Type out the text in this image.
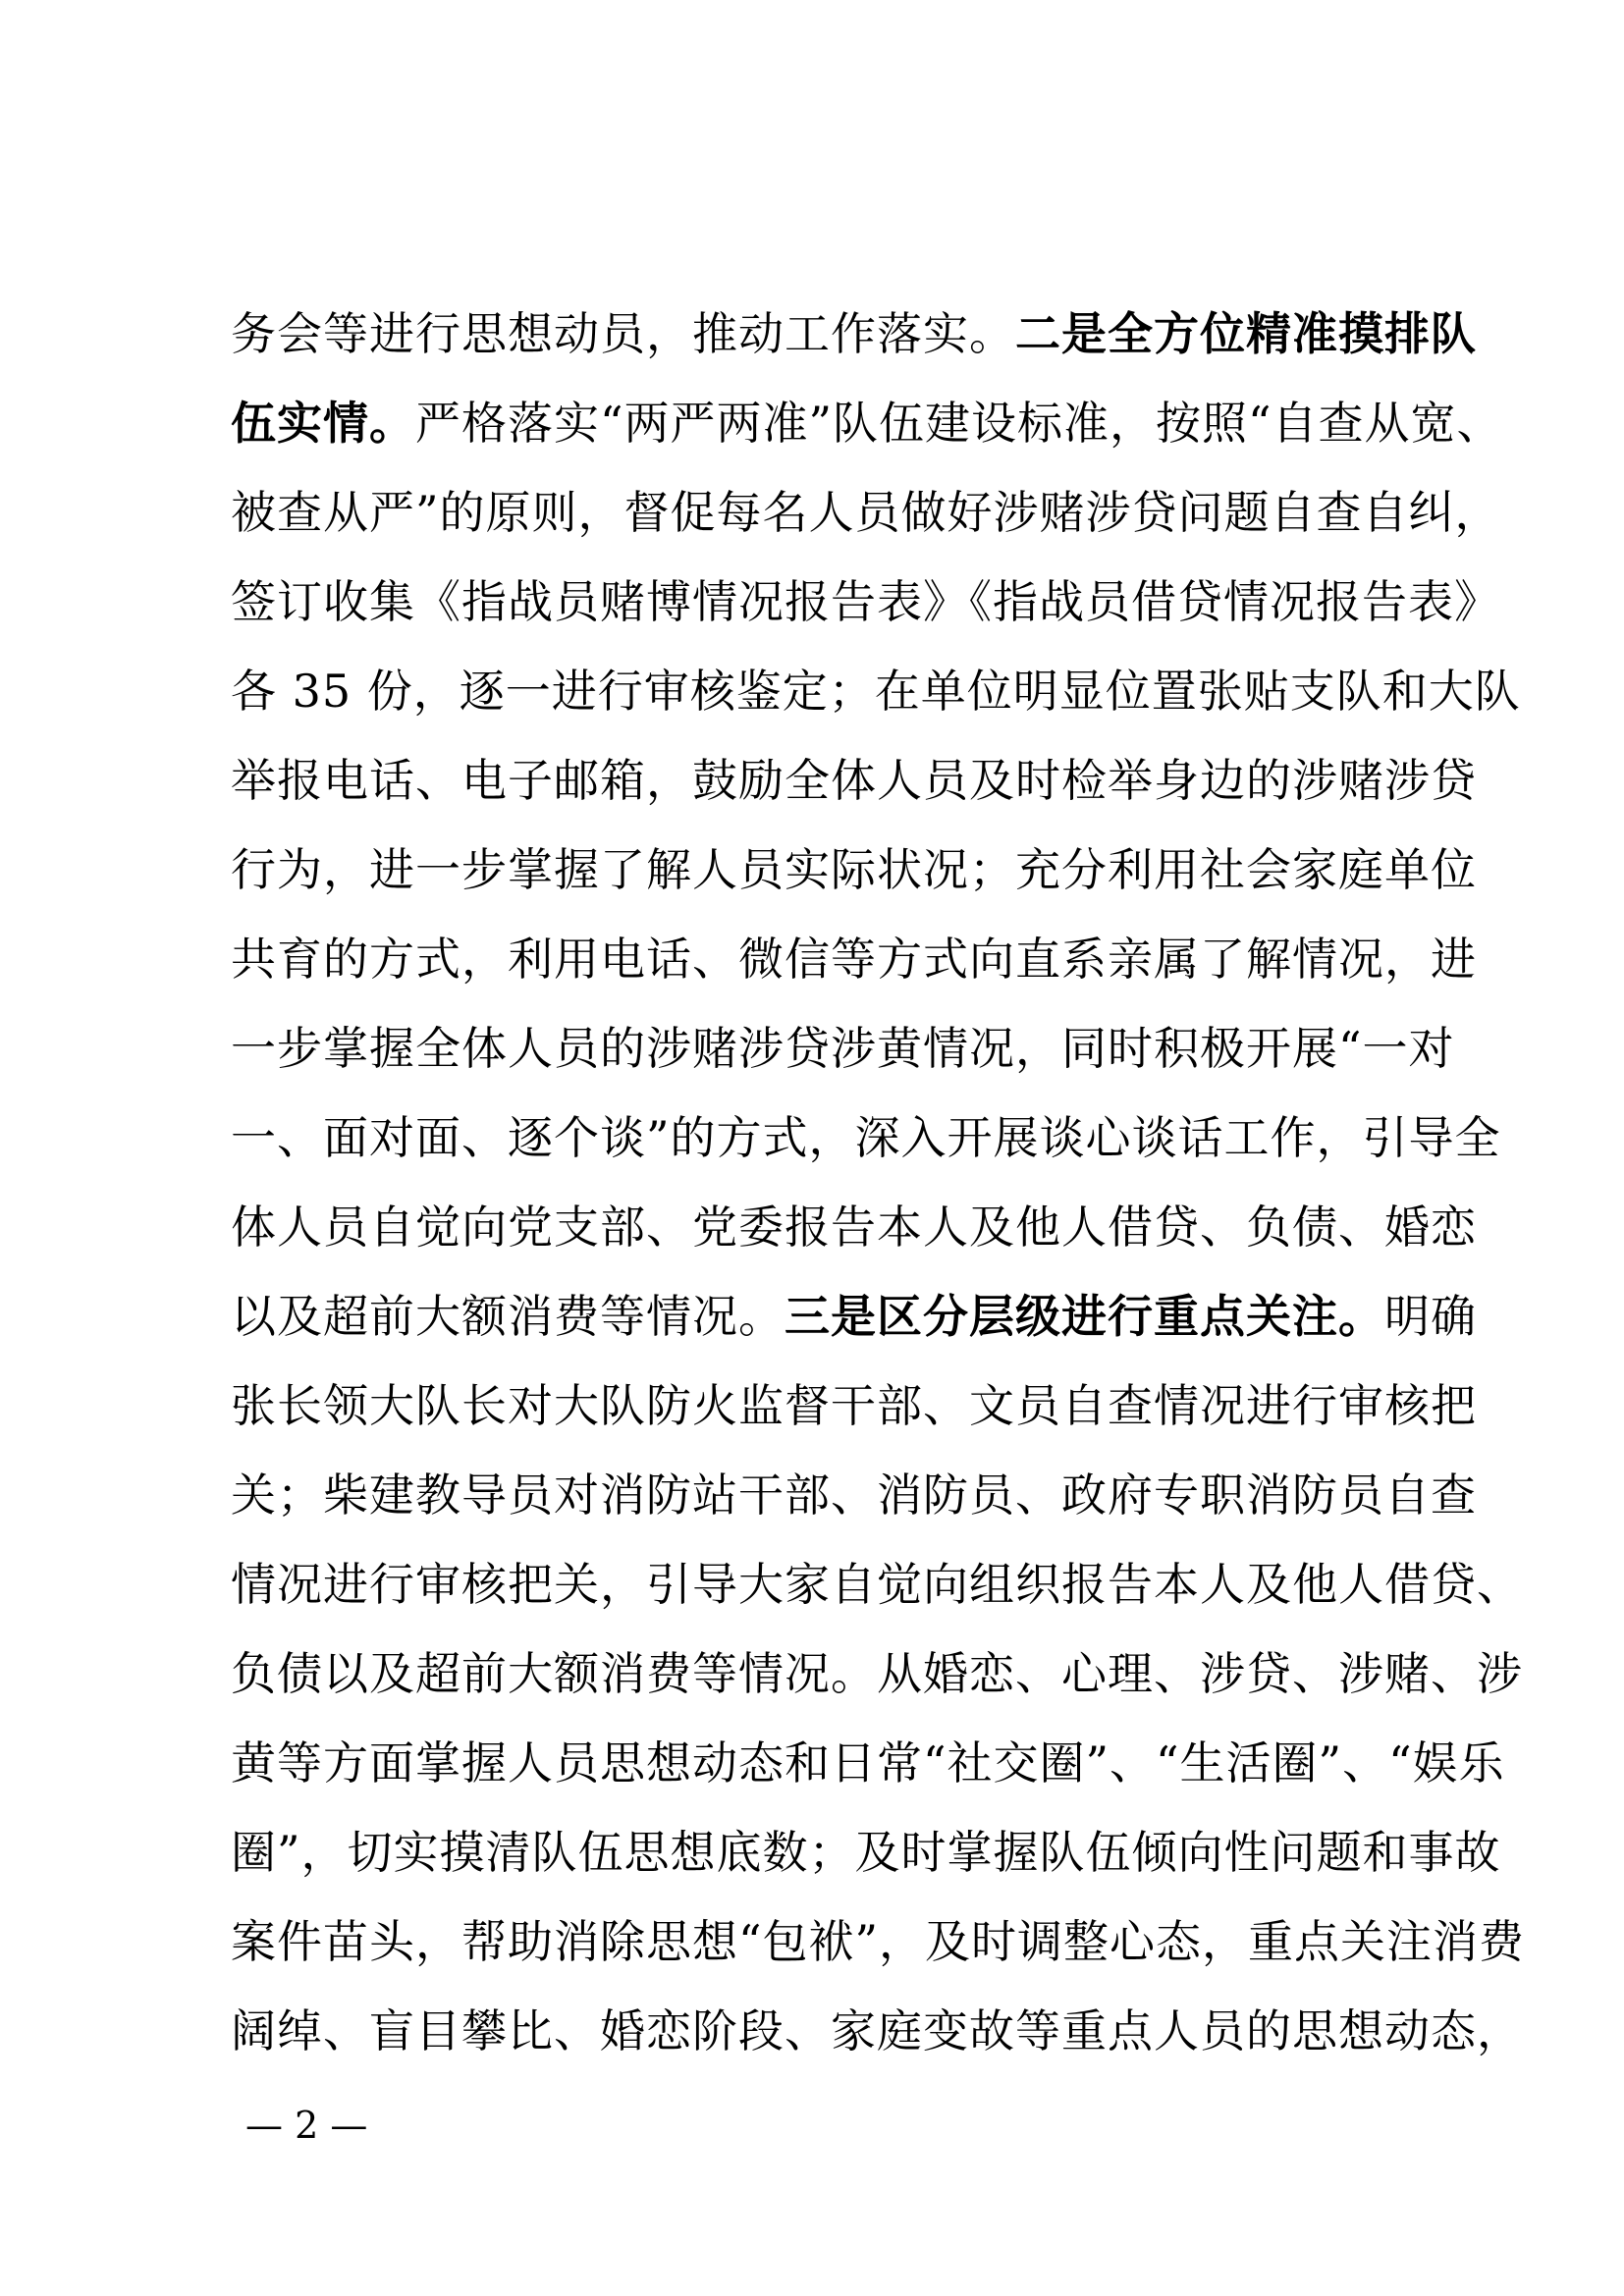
务会等进行思想动员，推动工作落实。二是全方位精准摸排队
伍实情。严格落实“两严两准”队伍建设标准，按照“自查从宽、
被查从严”的原则，督促每名人员做好涉赌涉贷问题自查自纠，
签订收集《指战员赌博情况报告表》《指战员借贷情况报告表》
各 35 份，逐一进行审核鉴定；在单位明显位置张贴支队和大队
举报电话、电子邮箱，鼓励全体人员及时检举身边的涉赌涉贷
行为，进一步掌握了解人员实际状况；充分利用社会家庭单位
共育的方式，利用电话、微信等方式向直系亲属了解情况，进
一步掌握全体人员的涉赌涉贷涉黄情况，同时积极开展“一对
一、面对面、逐个谈”的方式，深入开展谈心谈话工作，引导全
体人员自觉向党支部、党委报告本人及他人借贷、负债、婚恋
以及超前大额消费等情况。三是区分层级进行重点关注。明确
张长领大队长对大队防火监督干部、文员自查情况进行审核把
关；柴建教导员对消防站干部、消防员、政府专职消防员自查
情况进行审核把关，引导大家自觉向组织报告本人及他人借贷、
负债以及超前大额消费等情况。从婚恋、心理、涉贷、涉赌、涉
黄等方面掌握人员思想动态和日常“社交圈”、“生活圈”、“娱乐
圈”，切实摸清队伍思想底数；及时掌握队伍倾向性问题和事故
案件苗头，帮助消除思想“包袱”，及时调整心态，重点关注消费
阔绰、盲目攀比、婚恋阶段、家庭变故等重点人员的思想动态，
— 2 —
